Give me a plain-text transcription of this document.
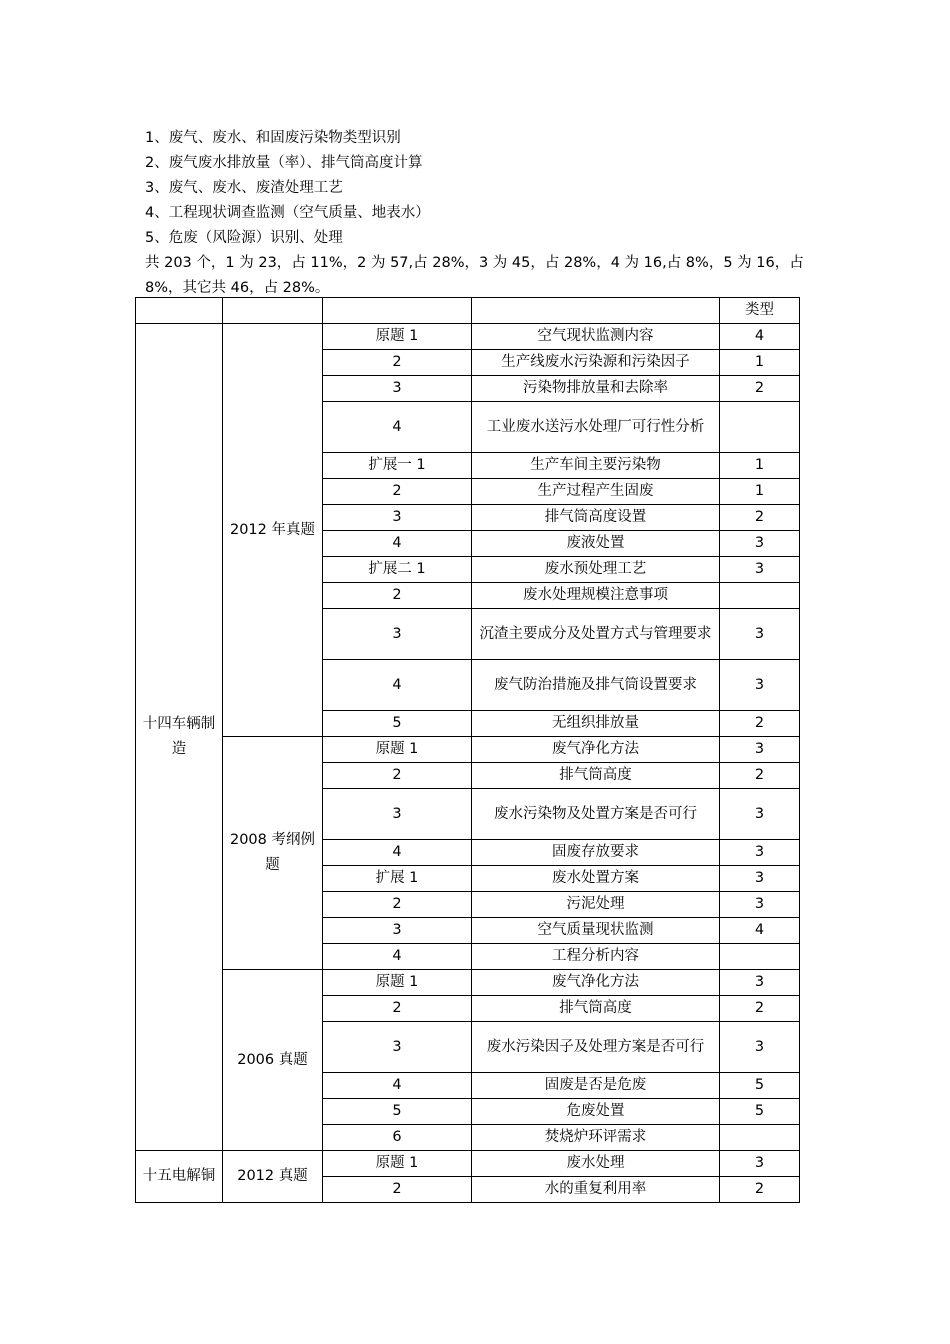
1、废气、废水、和固废污染物类型识别

2、废气废水排放量（率）、排气筒高度计算

3、废气、废水、废渣处理工艺

4、工程现状调查监测（空气质量、地表水）

5、危废（风险源）识别、处理

共 203 个，1 为 23，占 11%，2 为 57,占 28%，3 为 45，占 28%，4 为 16,占 8%，5 为 16，占 8%，其它共 46，占 28%。

				类型
十四车辆制造	2012 年真题	原题 1	空气现状监测内容	4
		2	生产线废水污染源和污染因子	1
		3	污染物排放量和去除率	2
		4	工业废水送污水处理厂可行性分析	
		扩展一 1	生产车间主要污染物	1
		2	生产过程产生固废	1
		3	排气筒高度设置	2
		4	废液处置	3
		扩展二 1	废水预处理工艺	3
		2	废水处理规模注意事项	
		3	沉渣主要成分及处置方式与管理要求	3
		4	废气防治措施及排气筒设置要求	3
		5	无组织排放量	2
	2008 考纲例题	原题 1	废气净化方法	3
		2	排气筒高度	2
		3	废水污染物及处置方案是否可行	3
		4	固废存放要求	3
		扩展 1	废水处置方案	3
		2	污泥处理	3
		3	空气质量现状监测	4
		4	工程分析内容	
	2006 真题	原题 1	废气净化方法	3
		2	排气筒高度	2
		3	废水污染因子及处理方案是否可行	3
		4	固废是否是危废	5
		5	危废处置	5
		6	焚烧炉环评需求	
十五电解铜	2012 真题	原题 1	废水处理	3
		2	水的重复利用率	2
